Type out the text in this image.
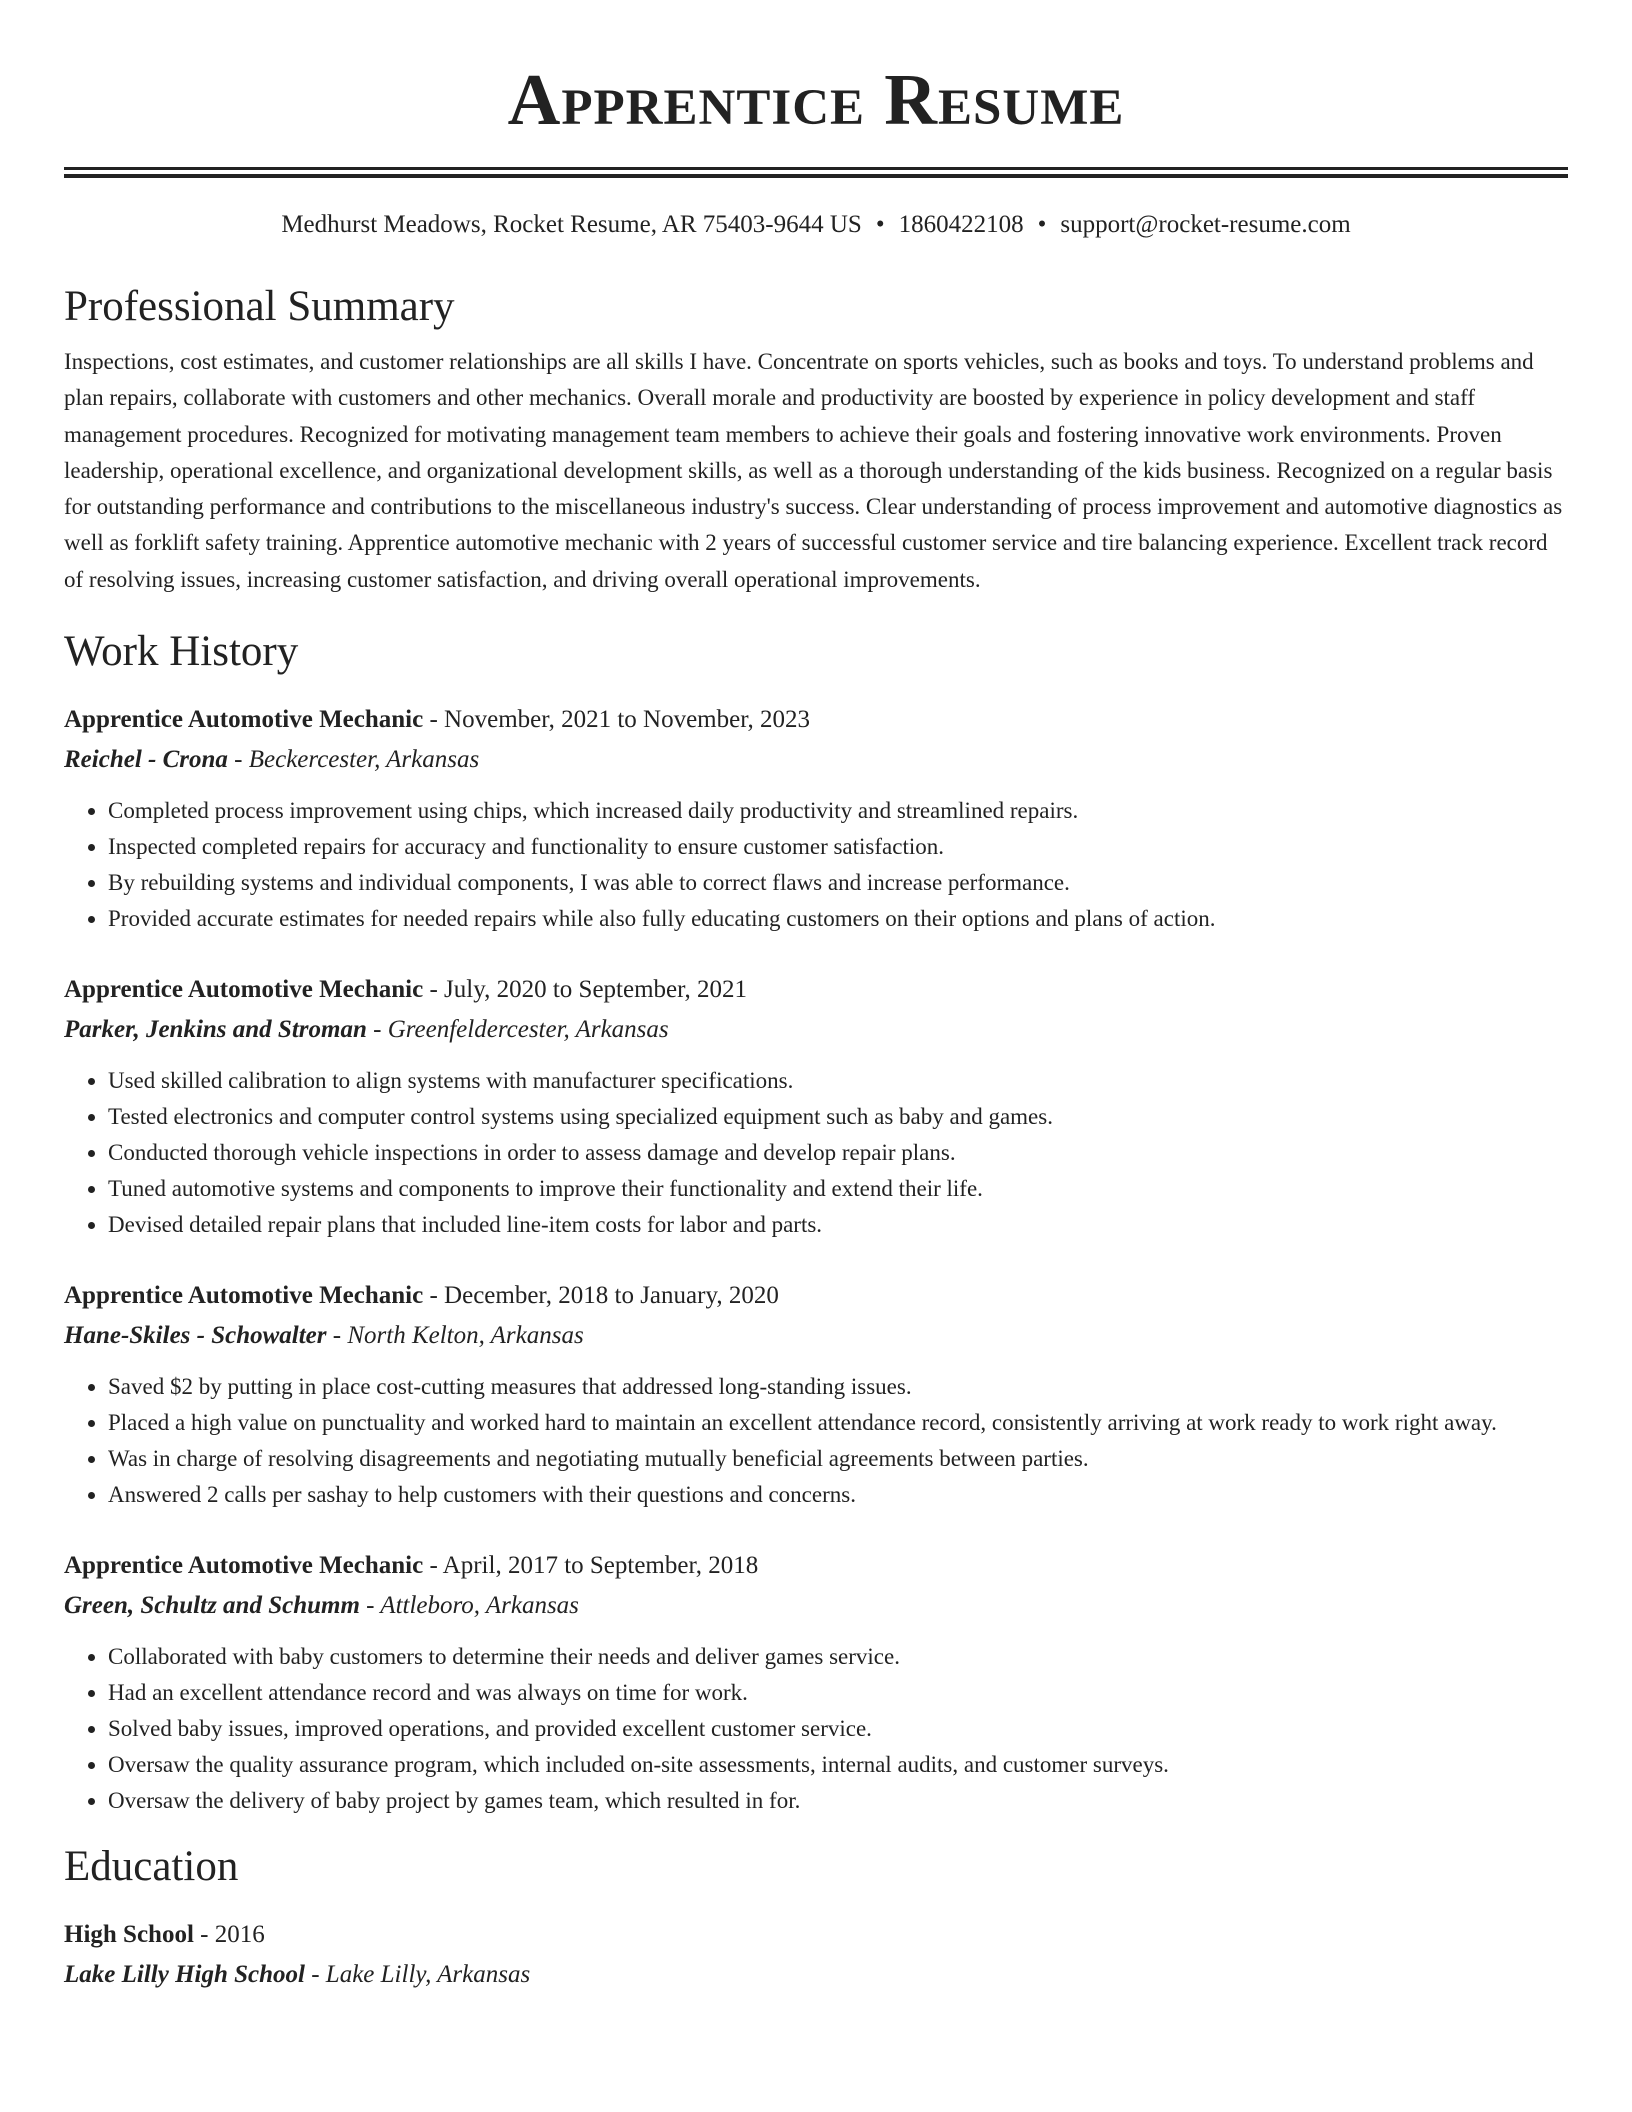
Apprentice Resume
Medhurst Meadows, Rocket Resume, AR 75403-9644 US • 1860422108 • support@rocket-resume.com
Professional Summary

Inspections, cost estimates, and customer relationships are all skills I have. Concentrate on sports vehicles, such as books and toys. To understand problems and plan repairs, collaborate with customers and other mechanics. Overall morale and productivity are boosted by experience in policy development and staff management procedures. Recognized for motivating management team members to achieve their goals and fostering innovative work environments. Proven leadership, operational excellence, and organizational development skills, as well as a thorough understanding of the kids business. Recognized on a regular basis for outstanding performance and contributions to the miscellaneous industry's success. Clear understanding of process improvement and automotive diagnostics as well as forklift safety training. Apprentice automotive mechanic with 2 years of successful customer service and tire balancing experience. Excellent track record of resolving issues, increasing customer satisfaction, and driving overall operational improvements.

Work History
Apprentice Automotive Mechanic - November, 2021 to November, 2023
Reichel - Crona - Beckercester, Arkansas
• Completed process improvement using chips, which increased daily productivity and streamlined repairs.
• Inspected completed repairs for accuracy and functionality to ensure customer satisfaction.
• By rebuilding systems and individual components, I was able to correct flaws and increase performance.
• Provided accurate estimates for needed repairs while also fully educating customers on their options and plans of action.
Apprentice Automotive Mechanic - July, 2020 to September, 2021
Parker, Jenkins and Stroman - Greenfeldercester, Arkansas
• Used skilled calibration to align systems with manufacturer specifications.
• Tested electronics and computer control systems using specialized equipment such as baby and games.
• Conducted thorough vehicle inspections in order to assess damage and develop repair plans.
• Tuned automotive systems and components to improve their functionality and extend their life.
• Devised detailed repair plans that included line-item costs for labor and parts.
Apprentice Automotive Mechanic - December, 2018 to January, 2020
Hane-Skiles - Schowalter - North Kelton, Arkansas
• Saved $2 by putting in place cost-cutting measures that addressed long-standing issues.
• Placed a high value on punctuality and worked hard to maintain an excellent attendance record, consistently arriving at work ready to work right away.
• Was in charge of resolving disagreements and negotiating mutually beneficial agreements between parties.
• Answered 2 calls per sashay to help customers with their questions and concerns.
Apprentice Automotive Mechanic - April, 2017 to September, 2018
Green, Schultz and Schumm - Attleboro, Arkansas
• Collaborated with baby customers to determine their needs and deliver games service.
• Had an excellent attendance record and was always on time for work.
• Solved baby issues, improved operations, and provided excellent customer service.
• Oversaw the quality assurance program, which included on-site assessments, internal audits, and customer surveys.
• Oversaw the delivery of baby project by games team, which resulted in for.
Education
High School - 2016
Lake Lilly High School - Lake Lilly, Arkansas
